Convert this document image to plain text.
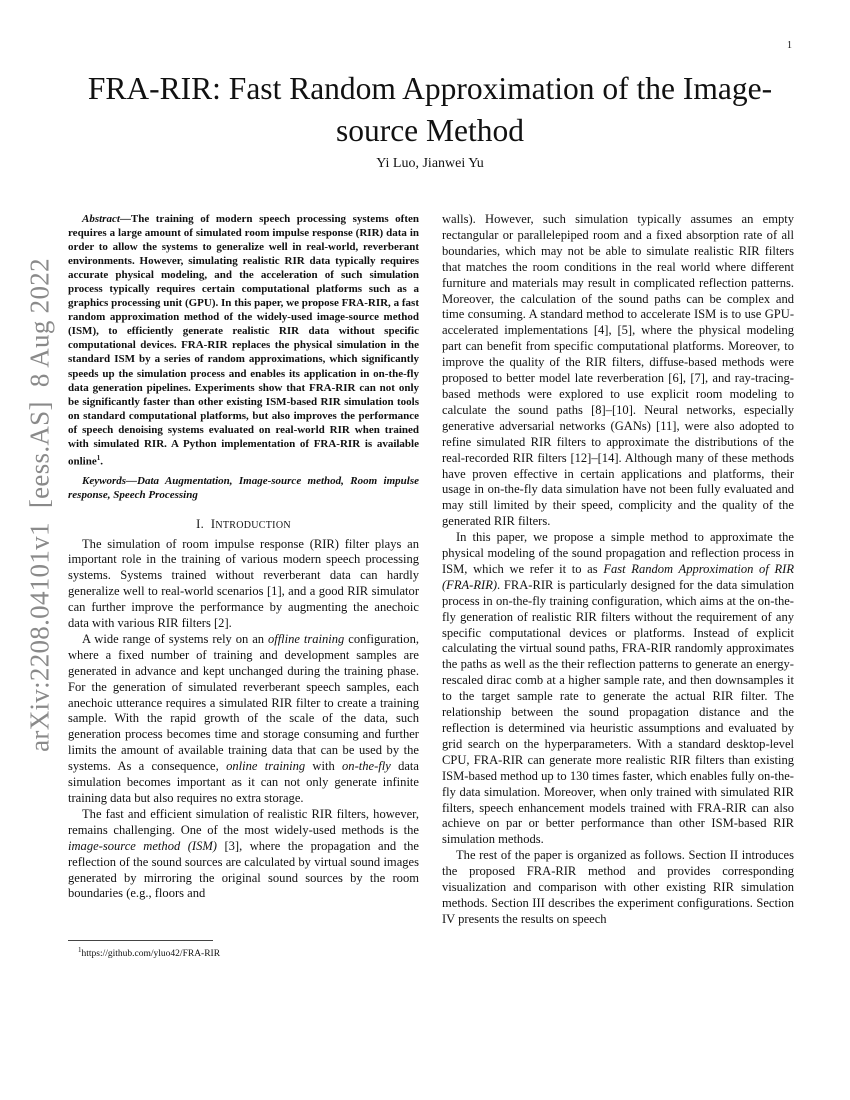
1
arXiv:2208.04101v1  [eess.AS]  8 Aug 2022
FRA-RIR: Fast Random Approximation of the Image-source Method
Yi Luo, Jianwei Yu

Abstract—The training of modern speech processing systems often requires a large amount of simulated room impulse response (RIR) data in order to allow the systems to generalize well in real-world, reverberant environments. However, simulating realistic RIR data typically requires accurate physical modeling, and the acceleration of such simulation process typically requires certain computational platforms such as a graphics processing unit (GPU). In this paper, we propose FRA-RIR, a fast random approximation method of the widely-used image-source method (ISM), to efficiently generate realistic RIR data without specific computational devices. FRA-RIR replaces the physical simulation in the standard ISM by a series of random approximations, which significantly speeds up the simulation process and enables its application in on-the-fly data generation pipelines. Experiments show that FRA-RIR can not only be significantly faster than other existing ISM-based RIR simulation tools on standard computational platforms, but also improves the performance of speech denoising systems evaluated on real-world RIR when trained with simulated RIR. A Python implementation of FRA-RIR is available online$^1$.

Keywords—Data Augmentation, Image-source method, Room impulse response, Speech Processing

I. INTRODUCTION

The simulation of room impulse response (RIR) filter plays an important role in the training of various modern speech processing systems. Systems trained without reverberant data can hardly generalize well to real-world scenarios [1], and a good RIR simulator can further improve the performance by augmenting the anechoic data with various RIR filters [2].

A wide range of systems rely on an offline training configuration, where a fixed number of training and development samples are generated in advance and kept unchanged during the training phase. For the generation of simulated reverberant speech samples, each anechoic utterance requires a simulated RIR filter to create a training sample. With the rapid growth of the scale of the data, such generation process becomes time and storage consuming and further limits the amount of available training data that can be used by the systems. As a consequence, online training with on-the-fly data simulation becomes important as it can not only generate infinite training data but also requires no extra storage.

The fast and efficient simulation of realistic RIR filters, however, remains challenging. One of the most widely-used methods is the image-source method (ISM) [3], where the propagation and the reflection of the sound sources are calculated by virtual sound images generated by mirroring the original sound sources by the room boundaries (e.g., floors and

$^1$https://github.com/yluo42/FRA-RIR

walls). However, such simulation typically assumes an empty rectangular or parallelepiped room and a fixed absorption rate of all boundaries, which may not be able to simulate realistic RIR filters that matches the room conditions in the real world where different furniture and materials may result in complicated reflection patterns. Moreover, the calculation of the sound paths can be complex and time consuming. A standard method to accelerate ISM is to use GPU-accelerated implementations [4], [5], where the physical modeling part can benefit from specific computational platforms. Moreover, to improve the quality of the RIR filters, diffuse-based methods were proposed to better model late reverberation [6], [7], and ray-tracing-based methods were explored to use explicit room modeling to calculate the sound paths [8]–[10]. Neural networks, especially generative adversarial networks (GANs) [11], were also adopted to refine simulated RIR filters to approximate the distributions of the real-recorded RIR filters [12]–[14]. Although many of these methods have proven effective in certain applications and platforms, their usage in on-the-fly data simulation have not been fully evaluated and may still limited by their speed, complicity and the quality of the generated RIR filters.

In this paper, we propose a simple method to approximate the physical modeling of the sound propagation and reflection process in ISM, which we refer it to as Fast Random Approximation of RIR (FRA-RIR). FRA-RIR is particularly designed for the data simulation process in on-the-fly training configuration, which aims at the on-the-fly generation of realistic RIR filters without the requirement of any specific computational devices or platforms. Instead of explicit calculating the virtual sound paths, FRA-RIR randomly approximates the paths as well as the their reflection patterns to generate an energy-rescaled dirac comb at a higher sample rate, and then downsamples it to the target sample rate to generate the actual RIR filter. The relationship between the sound propagation distance and the reflection is determined via heuristic assumptions and evaluated by grid search on the hyperparameters. With a standard desktop-level CPU, FRA-RIR can generate more realistic RIR filters than existing ISM-based method up to 130 times faster, which enables fully on-the-fly data simulation. Moreover, when only trained with simulated RIR filters, speech enhancement models trained with FRA-RIR can also achieve on par or better performance than other ISM-based RIR simulation methods.

The rest of the paper is organized as follows. Section II introduces the proposed FRA-RIR method and provides corresponding visualization and comparison with other existing RIR simulation methods. Section III describes the experiment configurations. Section IV presents the results on speech
